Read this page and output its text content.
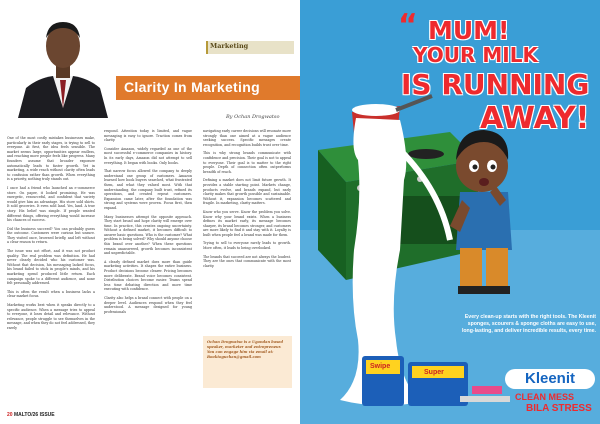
Marketing
Clarity In Marketing
By Ochan Drogwatso

One of the most costly mistakes businesses make, particularly in their early stages, is trying to sell to everyone. At first, the idea feels sensible. The market seems large, opportunities appear endless, and reaching more people feels like progress. Many founders assume that broader exposure automatically leads to faster growth. Yet in marketing, a wide reach without clarity often leads to confusion rather than growth. When everything is a priority, nothing truly stands out.

I once had a friend who launched an e-commerce store. On paper, it looked promising. He was energetic, resourceful, and confident that variety would give him an advantage. His store sold shirts. It sold groceries. It even sold land. Yes, land. A true story. His belief was simple. If people wanted different things, offering everything would increase his chances of success.

Did the business succeed? You can probably guess the outcome. Customers were curious but unsure. They visited once, browsed briefly, and left without a clear reason to return.

The issue was not effort, and it was not product quality. The real problem was definition. He had never clearly decided who his customer was. Without that decision, his messaging lacked focus, his brand failed to stick in people's minds, and his marketing spend produced little return. Each campaign spoke to a different audience, and none felt personally addressed.

This is often the result when a business lacks a clear market focus.

Marketing works best when it speaks directly to a specific audience. When a message tries to appeal to everyone, it loses detail and relevance. Without relevance, people struggle to see themselves in the message, and when they do not feel addressed, they rarely

respond. Attention today is limited, and vague messaging is easy to ignore. Traction comes from clarity.

Consider Amazon, widely regarded as one of the most successful e-commerce companies in history. In its early days, Amazon did not attempt to sell everything. It began with books. Only books.

That narrow focus allowed the company to deeply understand one group of customers. Amazon learned how book buyers searched, what frustrated them, and what they valued most. With that understanding, the company built trust, refined its operations, and created repeat customers. Expansion came later, after the foundation was strong and systems were proven. Focus first, then expand.

Many businesses attempt the opposite approach. They start broad and hope clarity will emerge over time. In practice, this creates ongoing uncertainty. Without a defined market, it becomes difficult to answer basic questions. Who is the customer? What problem is being solved? Why should anyone choose this brand over another? When these questions remain unanswered, growth becomes inconsistent and unpredictable.

A clearly defined market does more than guide marketing activities. It shapes the entire business. Product decisions become clearer. Pricing becomes more deliberate. Brand voice becomes consistent. Distribution choices become easier. Teams spend less time debating direction and more time executing with confidence.

Clarity also helps a brand connect with people on a deeper level. Audiences respond when they feel understood. A message designed for young professionals

navigating early career decisions will resonate more strongly than one aimed at a vague audience seeking success. Specific messages create recognition, and recognition builds trust over time.

This is why strong brands communicate with confidence and precision. Their goal is not to appeal to everyone. Their goal is to matter to the right people. Depth of connection often outperforms breadth of reach.

Defining a market does not limit future growth. It provides a stable starting point. Markets change, products evolve, and brands expand, but early clarity makes that growth possible and sustainable. Without it, expansion becomes scattered and fragile. In marketing, clarity matters.

Know who you serve. Know the problem you solve. Know why your brand exists. When a business defines its market early, its message becomes sharper, its brand becomes stronger, and customers are more likely to find it and stay with it. Loyalty is built when people feel a brand was made for them.

Trying to sell to everyone rarely leads to growth. More often, it leads to being overlooked.

The brands that succeed are not always the loudest. They are the ones that communicate with the most clarity.

Ochan Drogwatso is a Ugandan based speaker, marketer and entrepreneur. You can engage him via email at: Booktoguchan@gmail.com
20 MALTO/26 ISSUE
Swipe
Super
“ MUM!
YOUR MILK
IS RUNNING
AWAY!
Every clean-up starts with the right tools. The Kleenit sponges, scourers & sponge cloths are easy to use, long-lasting, and deliver incredible results, every time.
Kleenit
CLEAN MESS
BILA STRESS
